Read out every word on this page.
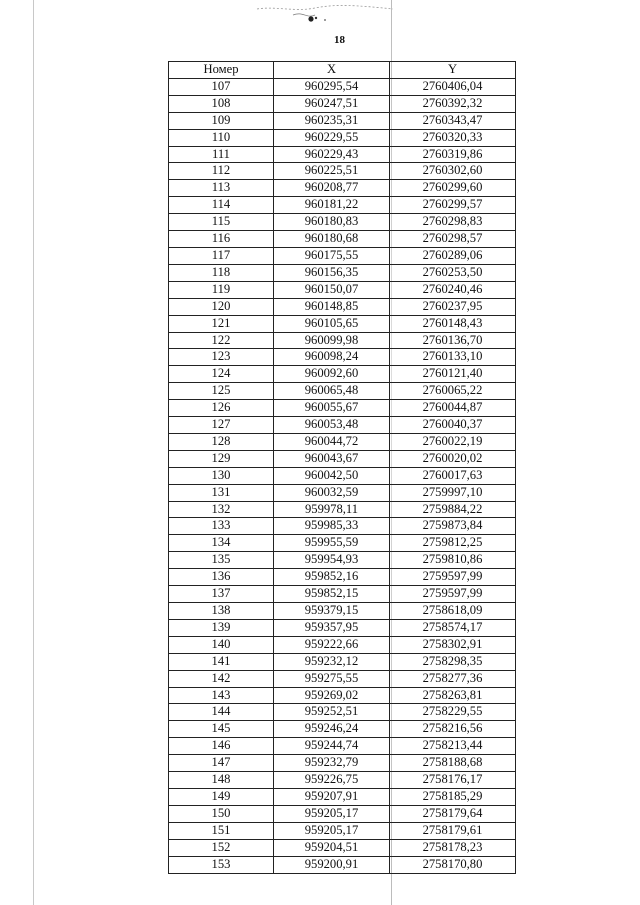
18
Номер	X	Y
107	960295,54	2760406,04
108	960247,51	2760392,32
109	960235,31	2760343,47
110	960229,55	2760320,33
111	960229,43	2760319,86
112	960225,51	2760302,60
113	960208,77	2760299,60
114	960181,22	2760299,57
115	960180,83	2760298,83
116	960180,68	2760298,57
117	960175,55	2760289,06
118	960156,35	2760253,50
119	960150,07	2760240,46
120	960148,85	2760237,95
121	960105,65	2760148,43
122	960099,98	2760136,70
123	960098,24	2760133,10
124	960092,60	2760121,40
125	960065,48	2760065,22
126	960055,67	2760044,87
127	960053,48	2760040,37
128	960044,72	2760022,19
129	960043,67	2760020,02
130	960042,50	2760017,63
131	960032,59	2759997,10
132	959978,11	2759884,22
133	959985,33	2759873,84
134	959955,59	2759812,25
135	959954,93	2759810,86
136	959852,16	2759597,99
137	959852,15	2759597,99
138	959379,15	2758618,09
139	959357,95	2758574,17
140	959222,66	2758302,91
141	959232,12	2758298,35
142	959275,55	2758277,36
143	959269,02	2758263,81
144	959252,51	2758229,55
145	959246,24	2758216,56
146	959244,74	2758213,44
147	959232,79	2758188,68
148	959226,75	2758176,17
149	959207,91	2758185,29
150	959205,17	2758179,64
151	959205,17	2758179,61
152	959204,51	2758178,23
153	959200,91	2758170,80
